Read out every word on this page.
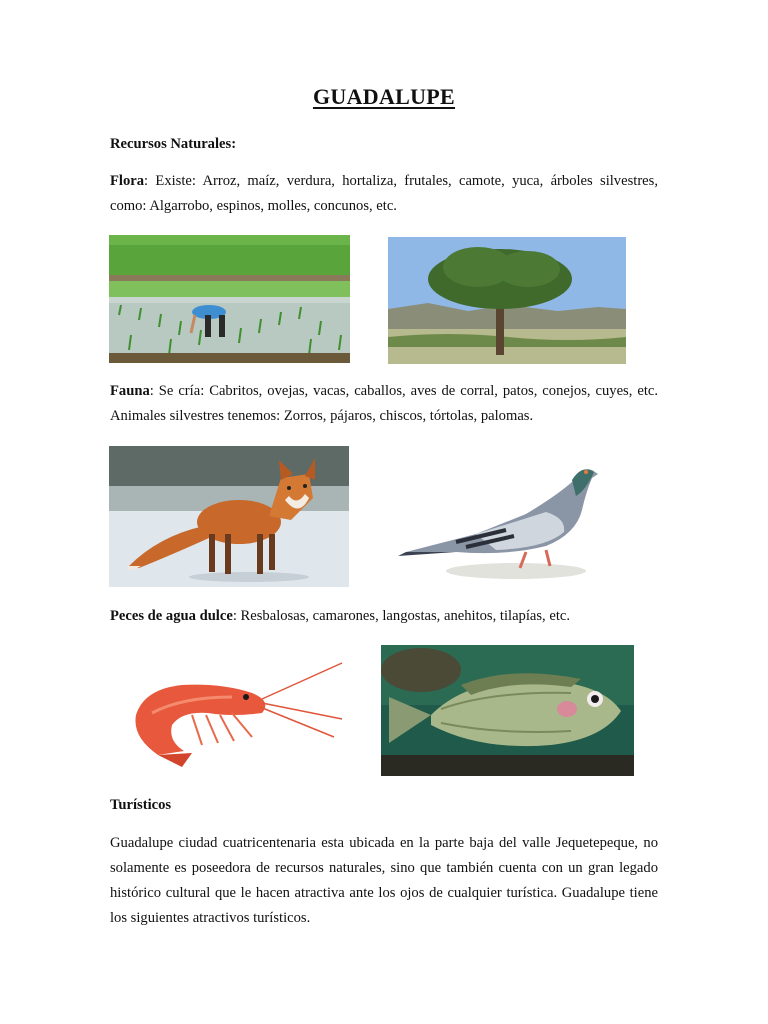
GUADALUPE

Recursos Naturales:

Flora: Existe: Arroz, maíz, verdura, hortaliza, frutales, camote, yuca, árboles silvestres, como: Algarrobo, espinos, molles, concunos, etc.

Fauna: Se cría: Cabritos, ovejas, vacas, caballos, aves de corral, patos, conejos, cuyes, etc. Animales silvestres tenemos: Zorros, pájaros, chiscos, tórtolas, palomas.

Peces de agua dulce: Resbalosas, camarones, langostas, anehitos, tilapías, etc.

Turísticos

Guadalupe ciudad cuatricentenaria esta ubicada en la parte baja del valle Jequetepeque, no solamente es poseedora de recursos naturales, sino que también cuenta con un gran legado histórico cultural que le hacen atractiva ante los ojos de cualquier turística. Guadalupe tiene los siguientes atractivos turísticos.
